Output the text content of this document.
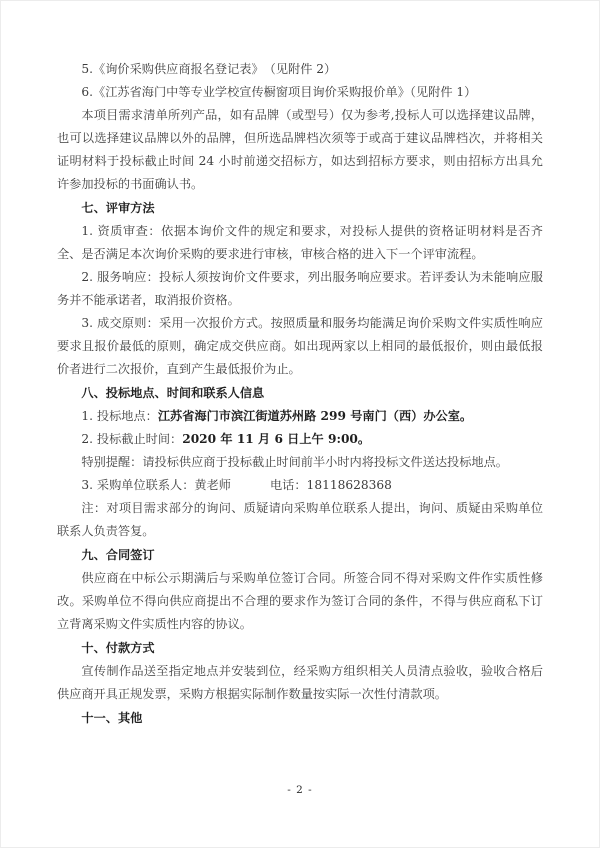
5.《询价采购供应商报名登记表》　（见附件 2）

6.《江苏省海门中等专业学校宣传橱窗项目询价采购报价单》（见附件 1）

本项目需求清单所列产品，如有品牌（或型号）仅为参考,投标人可以选择建议品牌，也可以选择建议品牌以外的品牌，但所选品牌档次须等于或高于建议品牌档次，并将相关证明材料于投标截止时间 24 小时前递交招标方，如达到招标方要求，则由招标方出具允许参加投标的书面确认书。

七、评审方法

1. 资质审查：依据本询价文件的规定和要求，对投标人提供的资格证明材料是否齐全、是否满足本次询价采购的要求进行审核，审核合格的进入下一个评审流程。

2. 服务响应：投标人须按询价文件要求，列出服务响应要求。若评委认为未能响应服务并不能承诺者，取消报价资格。

3. 成交原则：采用一次报价方式。按照质量和服务均能满足询价采购文件实质性响应要求且报价最低的原则，确定成交供应商。如出现两家以上相同的最低报价，则由最低报价者进行二次报价，直到产生最低报价为止。

八、投标地点、时间和联系人信息

1. 投标地点：江苏省海门市滨江街道苏州路 299 号南门（西）办公室。

2. 投标截止时间：2020 年 11 月 6 日上午 9:00。

特别提醒：请投标供应商于投标截止时间前半小时内将投标文件送达投标地点。

3. 采购单位联系人：黄老师	电话：18118628368

注：对项目需求部分的询问、质疑请向采购单位联系人提出，询问、质疑由采购单位联系人负责答复。

九、合同签订

供应商在中标公示期满后与采购单位签订合同。所签合同不得对采购文件作实质性修改。采购单位不得向供应商提出不合理的要求作为签订合同的条件，不得与供应商私下订立背离采购文件实质性内容的协议。

十、付款方式

宣传制作品送至指定地点并安装到位，经采购方组织相关人员清点验收，验收合格后供应商开具正规发票，采购方根据实际制作数量按实际一次性付清款项。

十一、其他

- 2 -
